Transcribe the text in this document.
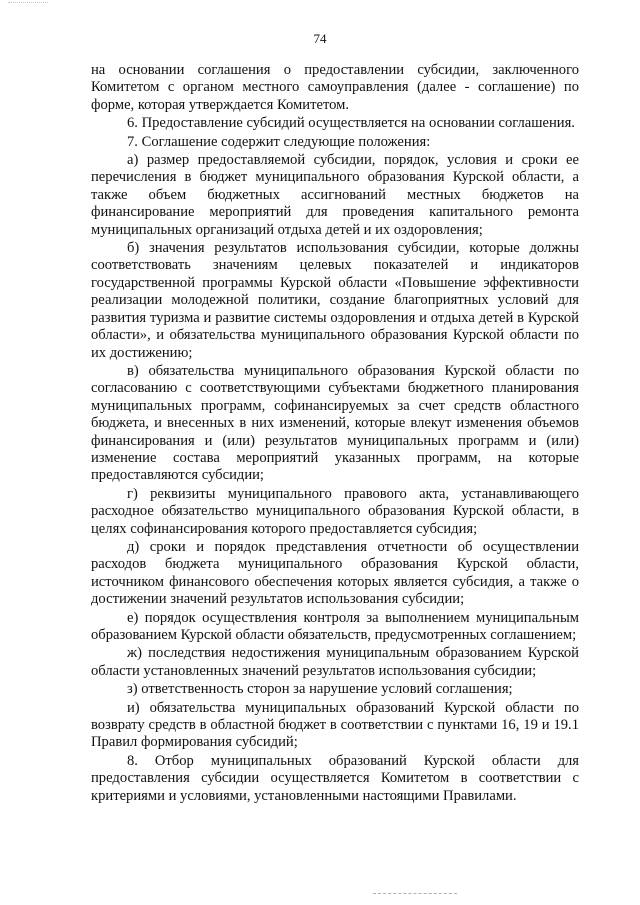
74

на основании соглашения о предоставлении субсидии, заключенного Комитетом с органом местного самоуправления (далее - соглашение) по форме, которая утверждается Комитетом.

6. Предоставление субсидий осуществляется на основании соглашения.

7. Соглашение содержит следующие положения:

а) размер предоставляемой субсидии, порядок, условия и сроки ее перечисления в бюджет муниципального образования Курской области, а также объем бюджетных ассигнований местных бюджетов на финансирование мероприятий для проведения капитального ремонта муниципальных организаций отдыха детей и их оздоровления;

б) значения результатов использования субсидии, которые должны соответствовать значениям целевых показателей и индикаторов государственной программы Курской области «Повышение эффективности реализации молодежной политики, создание благоприятных условий для развития туризма и развитие системы оздоровления и отдыха детей в Курской области», и обязательства муниципального образования Курской области по их достижению;

в) обязательства муниципального образования Курской области по согласованию с соответствующими субъектами бюджетного планирования муниципальных программ, софинансируемых за счет средств областного бюджета, и внесенных в них изменений, которые влекут изменения объемов финансирования и (или) результатов муниципальных программ и (или) изменение состава мероприятий указанных программ, на которые предоставляются субсидии;

г) реквизиты муниципального правового акта, устанавливающего расходное обязательство муниципального образования Курской области, в целях софинансирования которого предоставляется субсидия;

д) сроки и порядок представления отчетности об осуществлении расходов бюджета муниципального образования Курской области, источником финансового обеспечения которых является субсидия, а также о достижении значений результатов использования субсидии;

е) порядок осуществления контроля за выполнением муниципальным образованием Курской области обязательств, предусмотренных соглашением;

ж) последствия недостижения муниципальным образованием Курской области установленных значений результатов использования субсидии;

з) ответственность сторон за нарушение условий соглашения;

и) обязательства муниципальных образований Курской области по возврату средств в областной бюджет в соответствии с пунктами 16, 19 и 19.1 Правил формирования субсидий;

8. Отбор муниципальных образований Курской области для предоставления субсидии осуществляется Комитетом в соответствии с критериями и условиями, установленными настоящими Правилами.
